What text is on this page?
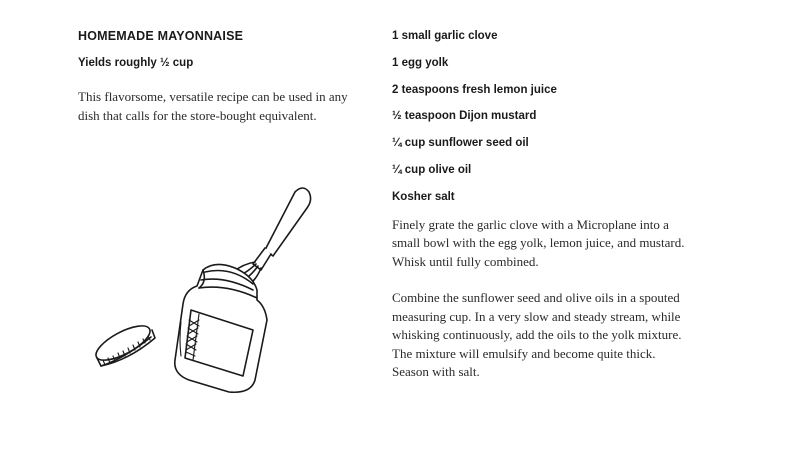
HOMEMADE MAYONNAISE
Yields roughly ½ cup

This flavorsome, versatile recipe can be used in any dish that calls for the store-bought equivalent.

1 small garlic clove
1 egg yolk
2 teaspoons fresh lemon juice
½ teaspoon Dijon mustard
¼ cup sunflower seed oil
¼ cup olive oil
Kosher salt

Finely grate the garlic clove with a Microplane into a small bowl with the egg yolk, lemon juice, and mustard. Whisk until fully combined.

Combine the sunflower seed and olive oils in a spouted measuring cup. In a very slow and steady stream, while whisking continuously, add the oils to the yolk mixture. The mixture will emulsify and become quite thick. Season with salt.
